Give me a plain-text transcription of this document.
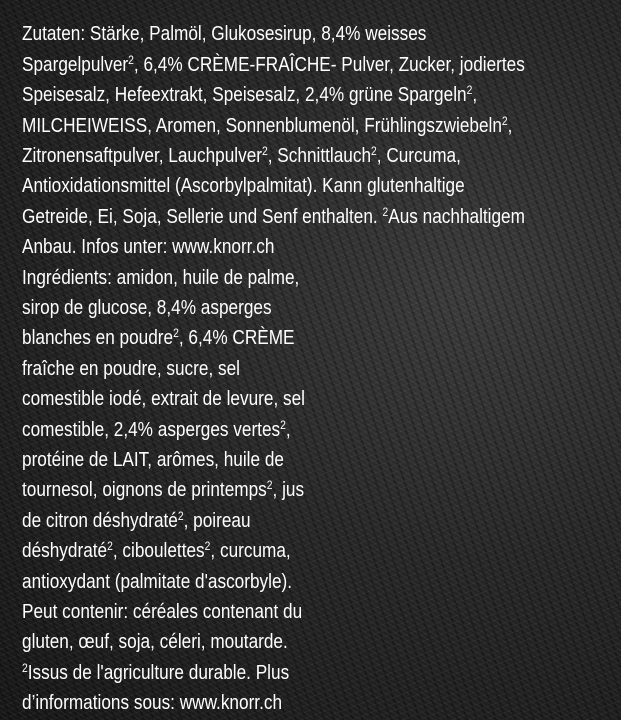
Zutaten: Stärke, Palmöl, Glukosesirup, 8,4% weisses

Spargelpulver$^2$, 6,4% CRÈME-FRAÎCHE- Pulver, Zucker, jodiertes

Speisesalz, Hefeextrakt, Speisesalz, 2,4% grüne Spargeln$^2$,

MILCHEIWEISS, Aromen, Sonnenblumenöl, Frühlingszwiebeln$^2$,

Zitronensaftpulver, Lauchpulver$^2$, Schnittlauch$^2$, Curcuma,

Antioxidationsmittel (Ascorbylpalmitat). Kann glutenhaltige

Getreide, Ei, Soja, Sellerie und Senf enthalten. $^2$Aus nachhaltigem

Anbau. Infos unter: www.knorr.ch

Ingrédients: amidon, huile de palme,

sirop de glucose, 8,4% asperges

blanches en poudre$^2$, 6,4% CRÈME

fraîche en poudre, sucre, sel

comestible iodé, extrait de levure, sel

comestible, 2,4% asperges vertes$^2$,

protéine de LAIT, arômes, huile de

tournesol, oignons de printemps$^2$, jus

de citron déshydraté$^2$, poireau

déshydraté$^2$, ciboulettes$^2$, curcuma,

antioxydant (palmitate d'ascorbyle).

Peut contenir: céréales contenant du

gluten, œuf, soja, céleri, moutarde.

$^2$Issus de l'agriculture durable. Plus

d’informations sous: www.knorr.ch
